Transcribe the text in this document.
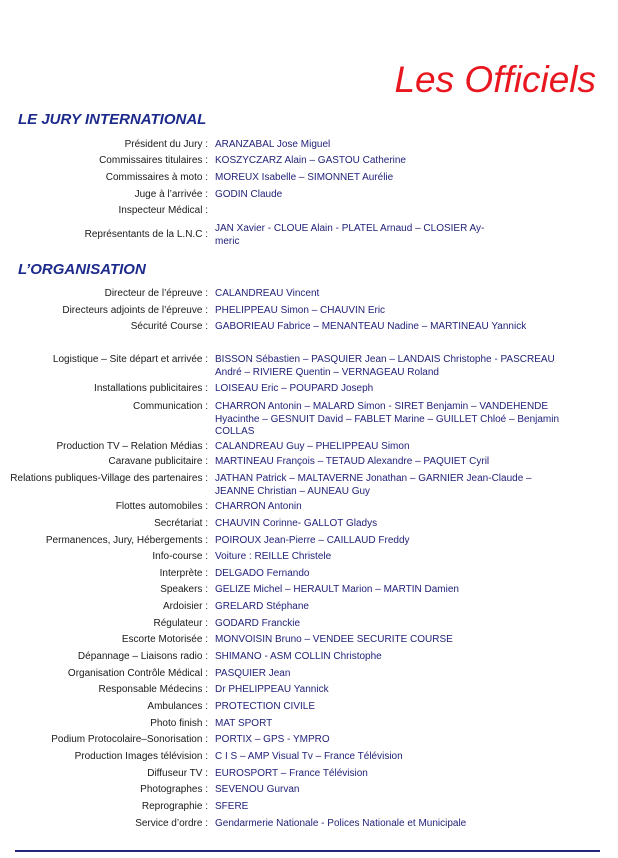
Les Officiels
LE JURY INTERNATIONAL
Président du Jury : ARANZABAL Jose Miguel
Commissaires titulaires : KOSZYCZARZ Alain – GASTOU Catherine
Commissaires à moto : MOREUX Isabelle – SIMONNET Aurélie
Juge à l’arrivée : GODIN Claude
Inspecteur Médical :
Représentants de la L.N.C :
JAN Xavier - CLOUE Alain - PLATEL Arnaud – CLOSIER Ay-
meric
L’ORGANISATION
Directeur de l’épreuve : CALANDREAU Vincent
Directeurs adjoints de l’épreuve : PHELIPPEAU Simon – CHAUVIN Eric
Sécurité Course : GABORIEAU Fabrice – MENANTEAU Nadine – MARTINEAU Yannick
Logistique – Site départ et arrivée : BISSON Sébastien – PASQUIER Jean – LANDAIS Christophe - PASCREAU
André – RIVIERE Quentin – VERNAGEAU Roland
Installations publicitaires : LOISEAU Eric – POUPARD Joseph
Communication : CHARRON Antonin – MALARD Simon - SIRET Benjamin – VANDEHENDE
Hyacinthe – GESNUIT David – FABLET Marine – GUILLET Chloé – Benjamin
COLLAS
Production TV – Relation Médias : CALANDREAU Guy – PHELIPPEAU Simon
Caravane publicitaire : MARTINEAU François – TETAUD Alexandre – PAQUIET Cyril
Relations publiques-Village des partenaires : JATHAN Patrick – MALTAVERNE Jonathan – GARNIER Jean-Claude –
JEANNE Christian – AUNEAU Guy
Flottes automobiles : CHARRON Antonin
Secrétariat : CHAUVIN Corinne- GALLOT Gladys
Permanences, Jury, Hébergements : POIROUX Jean-Pierre – CAILLAUD Freddy
Info-course : Voiture : REILLE Christele
Interprète : DELGADO Fernando
Speakers : GELIZE Michel – HERAULT Marion – MARTIN Damien
Ardoisier : GRELARD Stéphane
Régulateur : GODARD Franckie
Escorte Motorisée : MONVOISIN Bruno – VENDEE SECURITE COURSE
Dépannage – Liaisons radio : SHIMANO - ASM COLLIN Christophe
Organisation Contrôle Médical : PASQUIER Jean
Responsable Médecins : Dr PHELIPPEAU Yannick
Ambulances : PROTECTION CIVILE
Photo finish : MAT SPORT
Podium Protocolaire–Sonorisation : PORTIX – GPS - YMPRO
Production Images télévision : C I S – AMP Visual Tv – France Télévision
Diffuseur TV : EUROSPORT – France Télévision
Photographes : SEVENOU Gurvan
Reprographie : SFERE
Service d’ordre : Gendarmerie Nationale - Polices Nationale et Municipale
